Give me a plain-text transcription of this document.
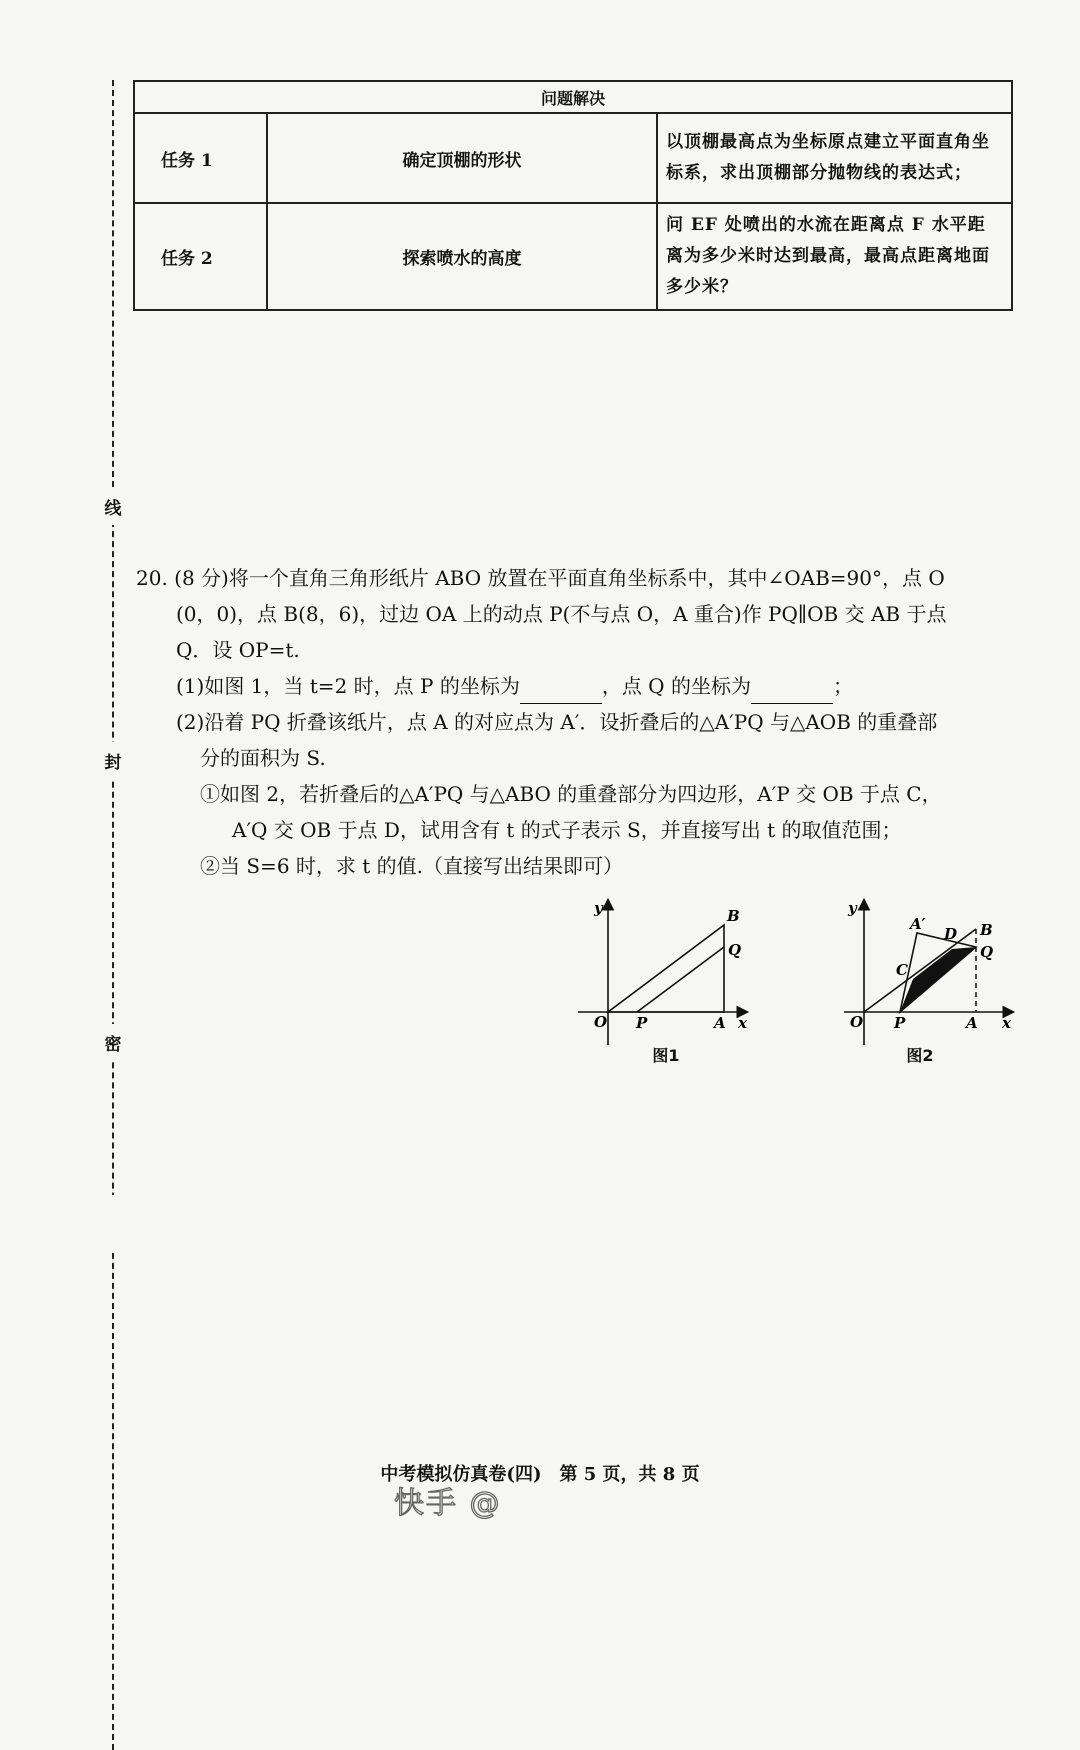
线
封
密
问题解决		
任务 1	确定顶棚的形状	以顶棚最高点为坐标原点建立平面直角坐标系，求出顶棚部分抛物线的表达式；
任务 2	探索喷水的高度	问 EF 处喷出的水流在距离点 F 水平距离为多少米时达到最高，最高点距离地面多少米？

20. (8 分)将一个直角三角形纸片 ABO 放置在平面直角坐标系中，其中∠OAB=90°，点 O

(0，0)，点 B(8，6)，过边 OA 上的动点 P(不与点 O，A 重合)作 PQ∥OB 交 AB 于点

Q．设 OP=t.

(1)如图 1，当 t=2 时，点 P 的坐标为	，点 Q 的坐标为	；

(2)沿着 PQ 折叠该纸片，点 A 的对应点为 A′．设折叠后的△A′PQ 与△AOB 的重叠部

分的面积为 S.

①如图 2，若折叠后的△A′PQ 与△ABO 的重叠部分为四边形，A′P 交 OB 于点 C，

A′Q 交 OB 于点 D，试用含有 t 的式子表示 S，并直接写出 t 的取值范围；

②当 S=6 时，求 t 的值.（直接写出结果即可）

O P	A x
y	B
Q
图1
O P	A x
y
B
Q
D
C
A′
图2
中考模拟仿真卷(四)　第 5 页，共 8 页
快手 @
